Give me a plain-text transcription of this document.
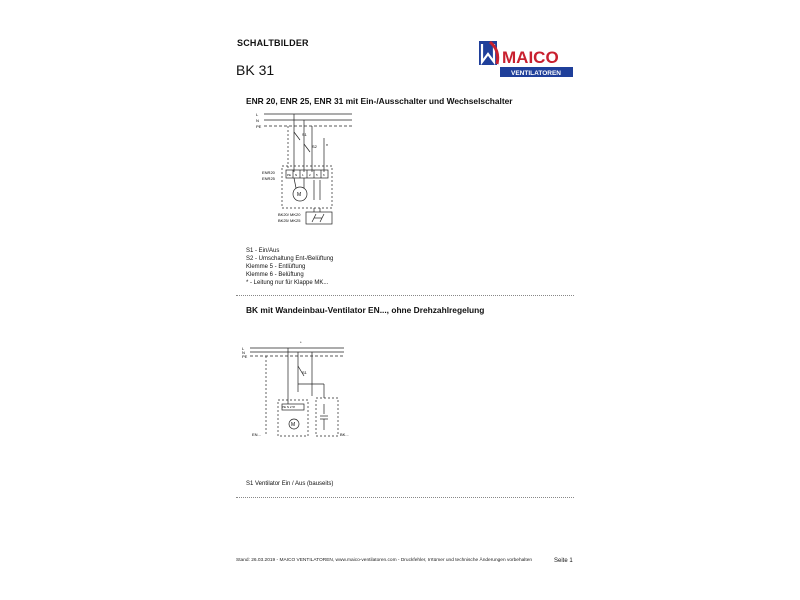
SCHALTBILDER
BK 31
MAICO
VENTILATOREN
ENR 20, ENR 25, ENR 31 mit Ein-/Ausschalter und Wechselschalter
L
N
PE
S1
S2 *
ENR20
ENR25
PE N 1 2 5 6
M
BK20/ MK20
BK25/ MK25
S1 - Ein/Aus
S2 - Umschaltung Ent-/Belüftung
Klemme 5 - Entlüftung
Klemme 6 - Belüftung
* - Leitung nur für Klappe MK...
BK mit Wandeinbau-Ventilator EN..., ohne Drehzahlregelung
L
N
PE
*
S1
PE N 2 5f
M
EN...	BK...
S1 Ventilator Ein / Aus (bauseits)
Stand: 26.03.2019 - MAICO VENTILATOREN, www.maico-ventilatoren.com - Druckfehler, Irrtümer und technische Änderungen vorbehalten	Seite 1
